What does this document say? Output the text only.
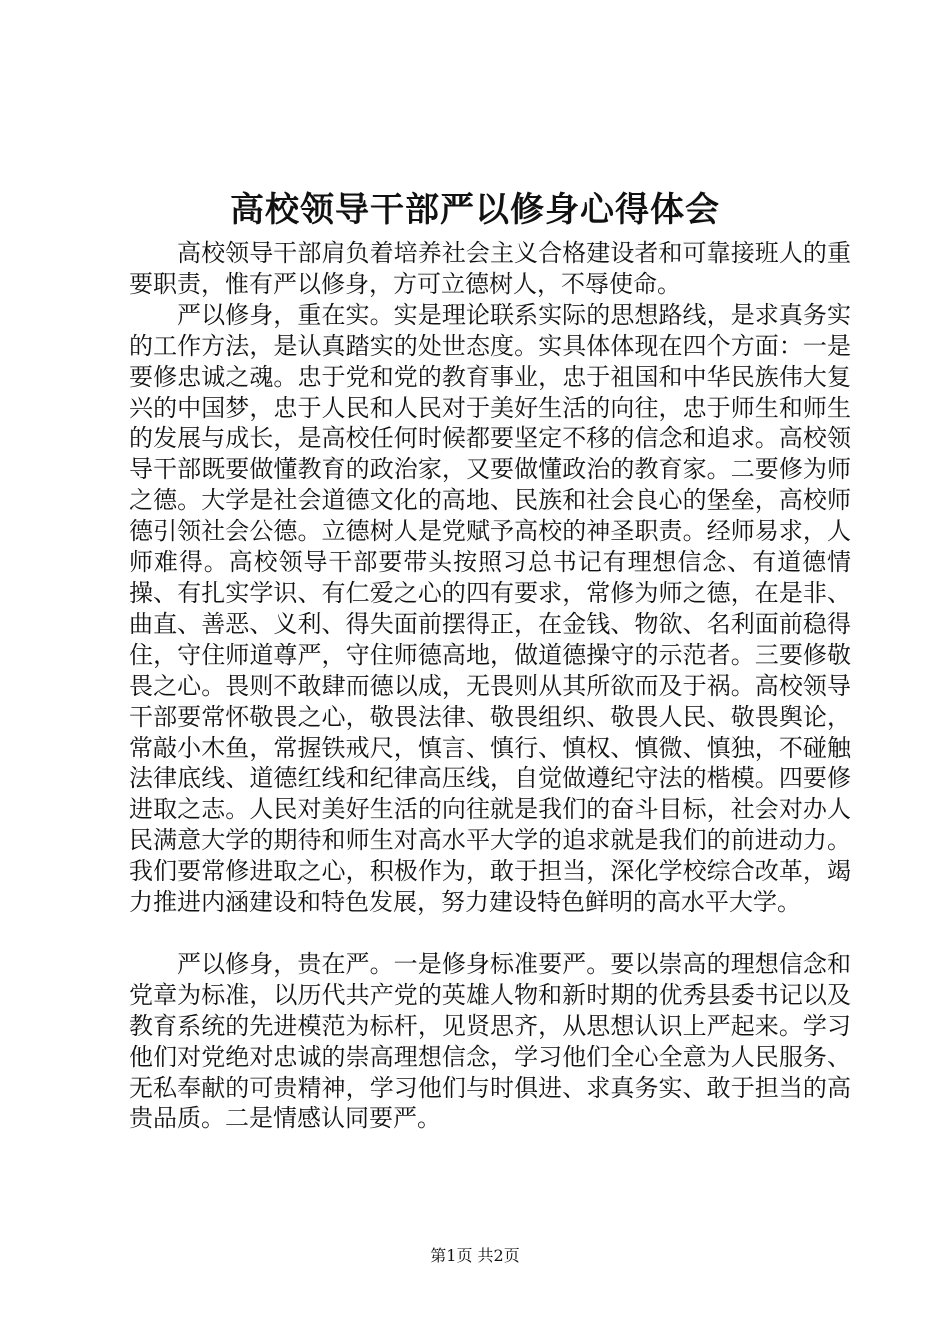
高校领导干部严以修身心得体会

高校领导干部肩负着培养社会主义合格建设者和可靠接班人的重要职责，惟有严以修身，方可立德树人，不辱使命。

严以修身，重在实。实是理论联系实际的思想路线，是求真务实的工作方法，是认真踏实的处世态度。实具体体现在四个方面：一是要修忠诚之魂。忠于党和党的教育事业，忠于祖国和中华民族伟大复兴的中国梦，忠于人民和人民对于美好生活的向往，忠于师生和师生的发展与成长，是高校任何时候都要坚定不移的信念和追求。高校领导干部既要做懂教育的政治家，又要做懂政治的教育家。二要修为师之德。大学是社会道德文化的高地、民族和社会良心的堡垒，高校师德引领社会公德。立德树人是党赋予高校的神圣职责。经师易求，人师难得。高校领导干部要带头按照习总书记有理想信念、有道德情操、有扎实学识、有仁爱之心的四有要求，常修为师之德，在是非、曲直、善恶、义利、得失面前摆得正，在金钱、物欲、名利面前稳得住，守住师道尊严，守住师德高地，做道德操守的示范者。三要修敬畏之心。畏则不敢肆而德以成，无畏则从其所欲而及于祸。高校领导干部要常怀敬畏之心，敬畏法律、敬畏组织、敬畏人民、敬畏舆论，常敲小木鱼，常握铁戒尺，慎言、慎行、慎权、慎微、慎独，不碰触法律底线、道德红线和纪律高压线，自觉做遵纪守法的楷模。四要修进取之志。人民对美好生活的向往就是我们的奋斗目标，社会对办人民满意大学的期待和师生对高水平大学的追求就是我们的前进动力。我们要常修进取之心，积极作为，敢于担当，深化学校综合改革，竭力推进内涵建设和特色发展，努力建设特色鲜明的高水平大学。

严以修身，贵在严。一是修身标准要严。要以崇高的理想信念和党章为标准，以历代共产党的英雄人物和新时期的优秀县委书记以及教育系统的先进模范为标杆，见贤思齐，从思想认识上严起来。学习他们对党绝对忠诚的崇高理想信念，学习他们全心全意为人民服务、无私奉献的可贵精神，学习他们与时俱进、求真务实、敢于担当的高贵品质。二是情感认同要严。

第1页 共2页
